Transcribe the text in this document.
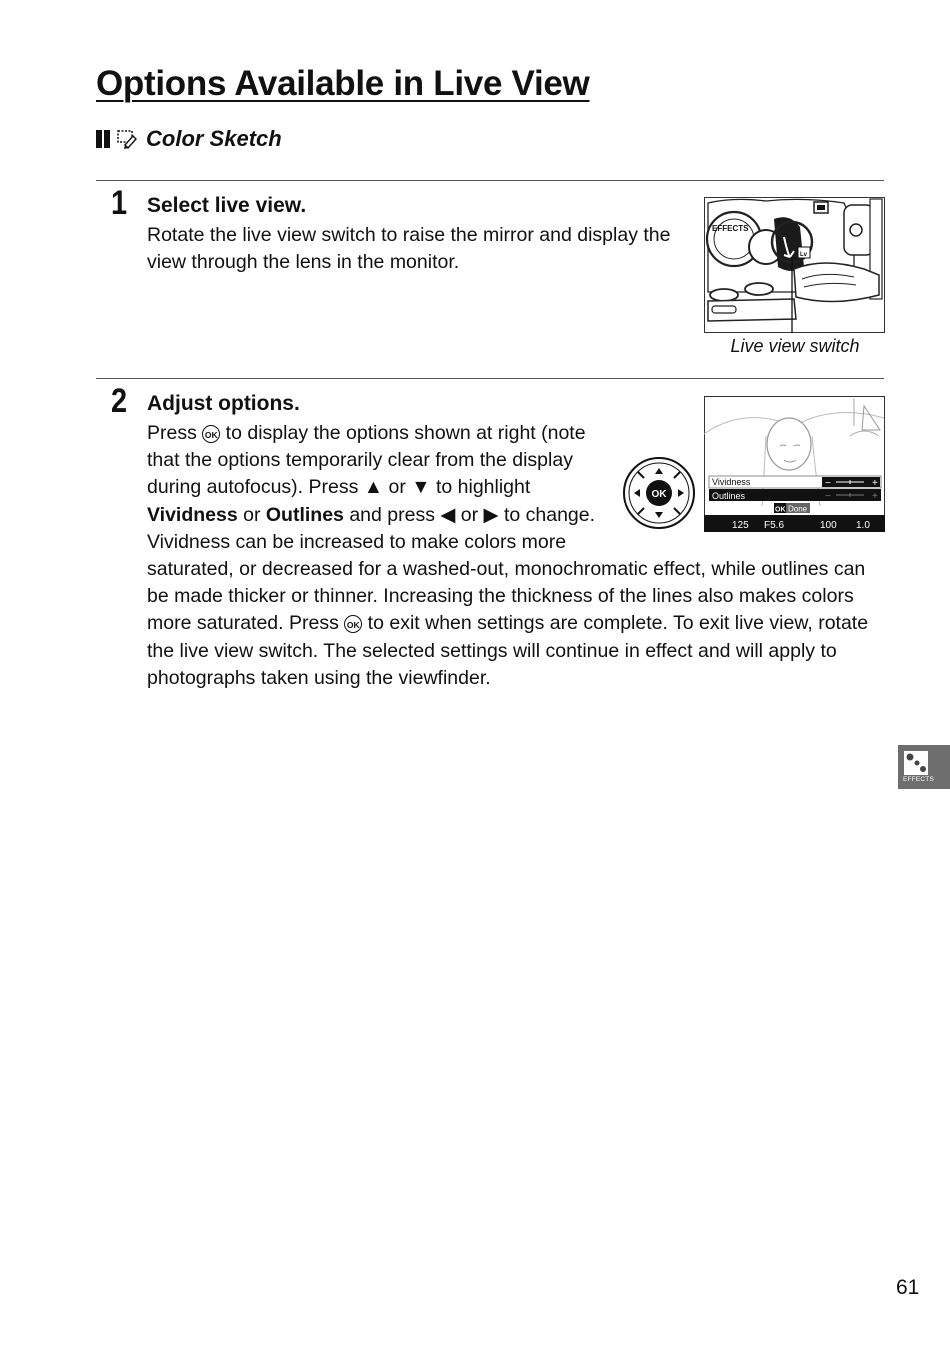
Options Available in Live View
Color Sketch
1 Select live view.

Rotate the live view switch to raise the mirror and display the view through the lens in the monitor.

EFFECTS
Lv
Live view switch
2 Adjust options.

Press OK to display the options shown at right (note that the options temporarily clear from the display during autofocus). Press ▲ or ▼ to highlight Vividness or Outlines and press ◀ or ▶ to change. Vividness can be increased to make colors more saturated, or decreased for a washed-out, monochromatic effect, while outlines can be made thicker or thinner. Increasing the thickness of the lines also makes colors more saturated. Press OK to exit when settings are complete. To exit live view, rotate the live view switch. The selected settings will continue in effect and will apply to photographs taken using the viewfinder.

OK
Vividness
Outlines
−	+
−	+
OK Done
125 F5.6	100 1.0
EFFECTS
61
